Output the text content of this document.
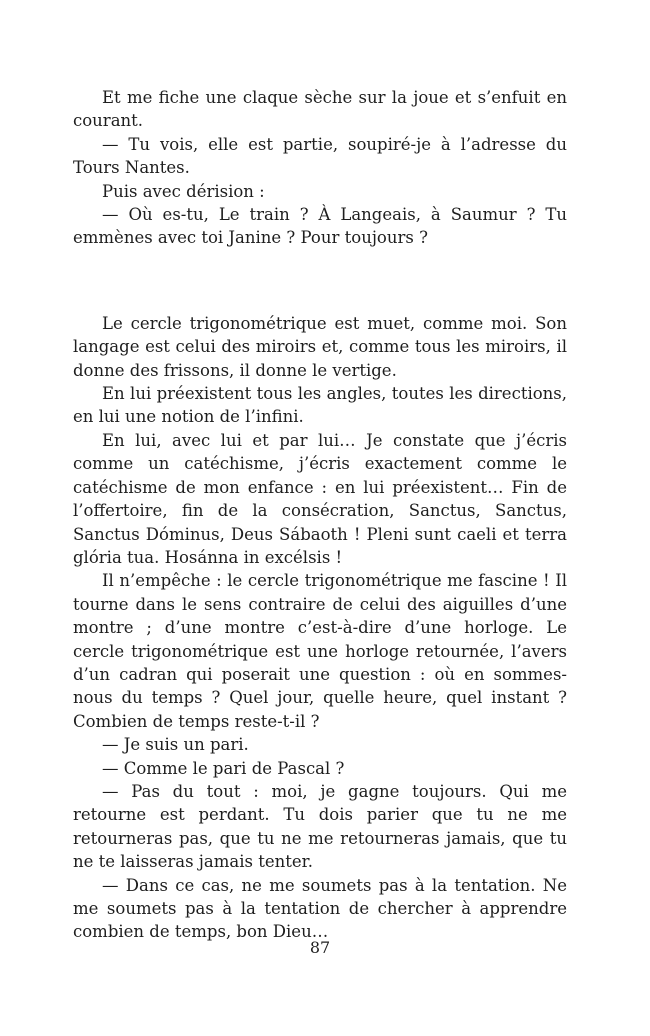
Et me fiche une claque sèche sur la joue et s’enfuit en courant.

— Tu vois, elle est partie, soupiré-je à l’adresse du Tours Nantes.

Puis avec dérision :

— Où es-tu, Le train ? À Langeais, à Saumur ? Tu emmènes avec toi Janine ? Pour toujours ?

Le cercle trigonométrique est muet, comme moi. Son langage est celui des miroirs et, comme tous les miroirs, il donne des frissons, il donne le vertige.

En lui préexistent tous les angles, toutes les directions, en lui une notion de l’infini.

En lui, avec lui et par lui… Je constate que j’écris comme un catéchisme, j’écris exactement comme le catéchisme de mon enfance : en lui préexistent… Fin de l’offertoire, fin de la consécration, Sanctus, Sanctus, Sanctus Dóminus, Deus Sábaoth ! Pleni sunt caeli et terra glória tua. Hosánna in excélsis !

Il n’empêche : le cercle trigonométrique me fascine ! Il tourne dans le sens contraire de celui des aiguilles d’une montre ; d’une montre c’est-à-dire d’une horloge. Le cercle trigonométrique est une horloge retournée, l’avers d’un cadran qui poserait une question : où en sommes-nous du temps ? Quel jour, quelle heure, quel instant ? Combien de temps reste-t-il ?

— Je suis un pari.

— Comme le pari de Pascal ?

— Pas du tout : moi, je gagne toujours. Qui me retourne est perdant. Tu dois parier que tu ne me retourneras pas, que tu ne me retourneras jamais, que tu ne te laisseras jamais tenter.

— Dans ce cas, ne me soumets pas à la tentation. Ne me soumets pas à la tentation de chercher à apprendre combien de temps, bon Dieu…

87
